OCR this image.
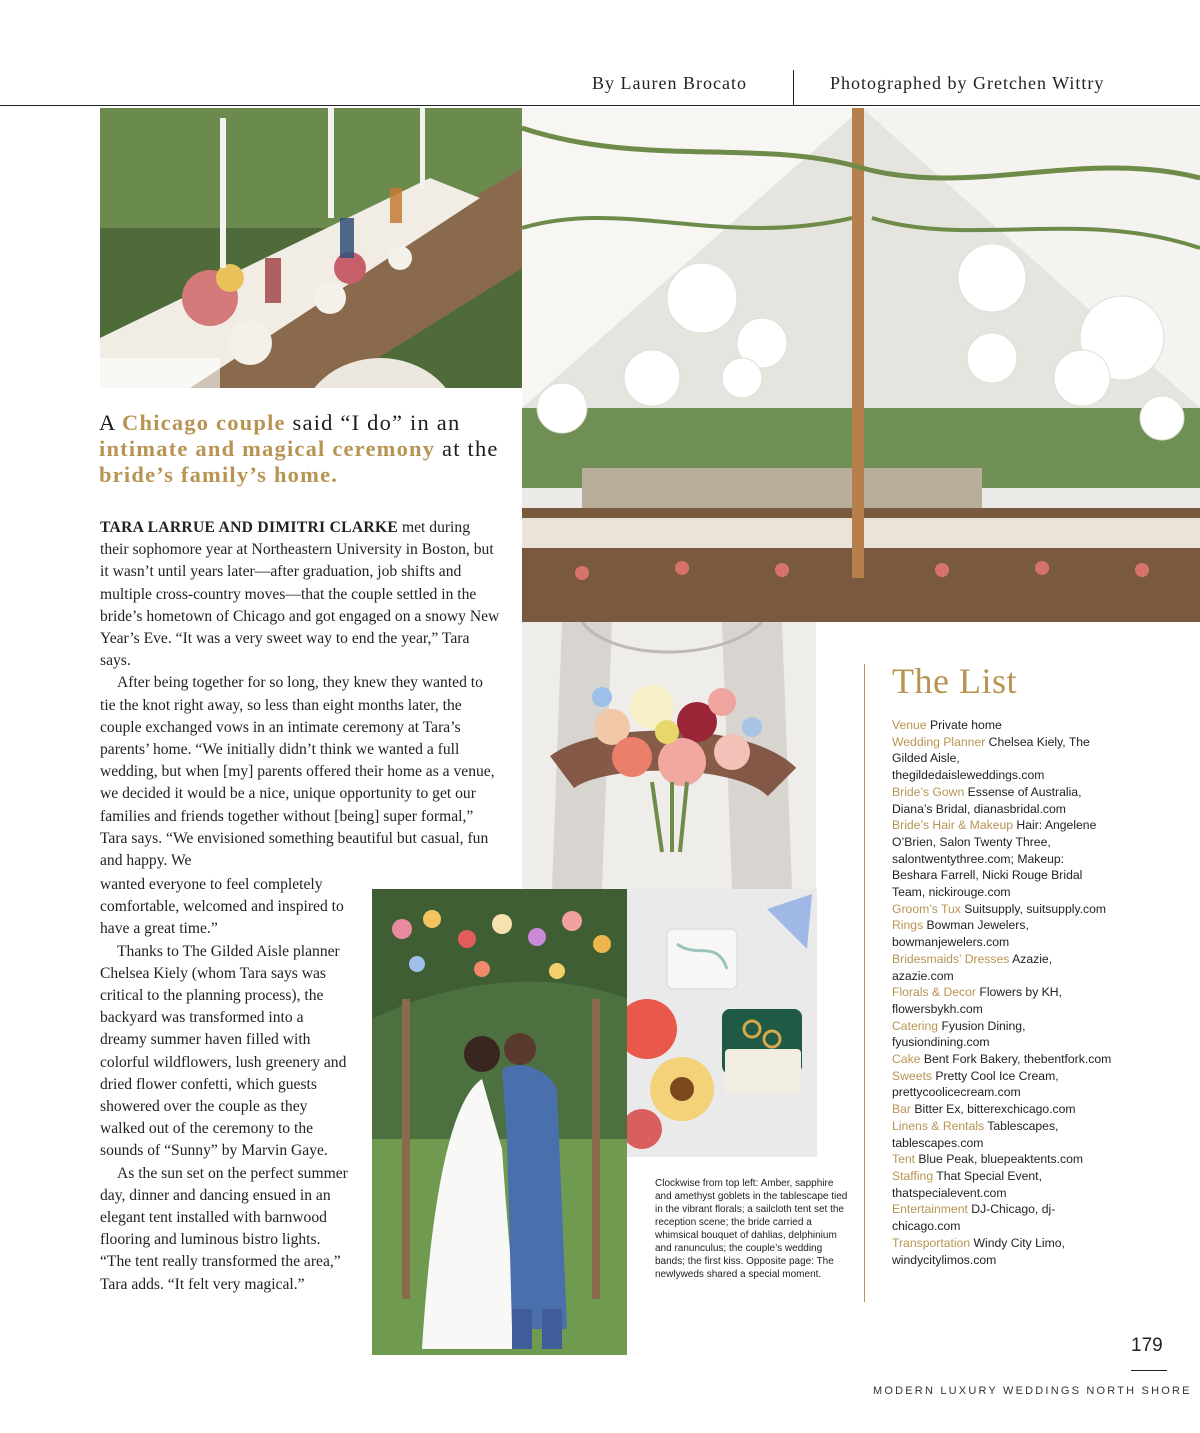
By Lauren Brocato	Photographed by Gretchen Wittry
A Chicago couple said “I do” in an intimate and magical ceremony at the bride’s family’s home.

TARA LARRUE AND DIMITRI CLARKE met during their sophomore year at Northeastern University in Boston, but it wasn’t until years later—after graduation, job shifts and multiple cross-country moves—that the couple settled in the bride’s hometown of Chicago and got engaged on a snowy New Year’s Eve. “It was a very sweet way to end the year,” Tara says.

After being together for so long, they knew they wanted to tie the knot right away, so less than eight months later, the couple exchanged vows in an intimate ceremony at Tara’s parents’ home. “We initially didn’t think we wanted a full wedding, but when [my] parents offered their home as a venue, we decided it would be a nice, unique opportunity to get our families and friends together without [being] super formal,” Tara says. “We envisioned something beautiful but casual, fun and happy. We

wanted everyone to feel completely comfortable, welcomed and inspired to have a great time.”

Thanks to The Gilded Aisle planner Chelsea Kiely (whom Tara says was critical to the planning process), the backyard was transformed into a dreamy summer haven filled with colorful wildflowers, lush greenery and dried flower confetti, which guests showered over the couple as they walked out of the ceremony to the sounds of “Sunny” by Marvin Gaye.

As the sun set on the perfect summer day, dinner and dancing ensued in an elegant tent installed with barnwood flooring and luminous bistro lights. “The tent really transformed the area,” Tara adds. “It felt very magical.”

Clockwise from top left: Amber, sapphire and amethyst goblets in the tablescape tied in the vibrant florals; a sailcloth tent set the reception scene; the bride carried a whimsical bouquet of dahlias, delphinium and ranunculus; the couple’s wedding bands; the first kiss. Opposite page: The newlyweds shared a special moment.
The List
Venue Private home
Wedding Planner Chelsea Kiely, The Gilded Aisle, thegildedaisleweddings.com
Bride’s Gown Essense of Australia, Diana’s Bridal, dianasbridal.com
Bride’s Hair & Makeup Hair: Angelene O’Brien, Salon Twenty Three, salontwentythree.com; Makeup: Beshara Farrell, Nicki Rouge Bridal Team, nickirouge.com
Groom’s Tux Suitsupply, suitsupply.com
Rings Bowman Jewelers, bowmanjewelers.com
Bridesmaids’ Dresses Azazie, azazie.com
Florals & Decor Flowers by KH, flowersbykh.com
Catering Fyusion Dining, fyusiondining.com
Cake Bent Fork Bakery, thebentfork.com
Sweets Pretty Cool Ice Cream, prettycoolicecream.com
Bar Bitter Ex, bitterexchicago.com
Linens & Rentals Tablescapes, tablescapes.com
Tent Blue Peak, bluepeaktents.com
Staffing That Special Event, thatspecialevent.com
Entertainment DJ-Chicago, dj-chicago.com
Transportation Windy City Limo, windycitylimos.com
179
MODERN LUXURY WEDDINGS NORTH SHORE
